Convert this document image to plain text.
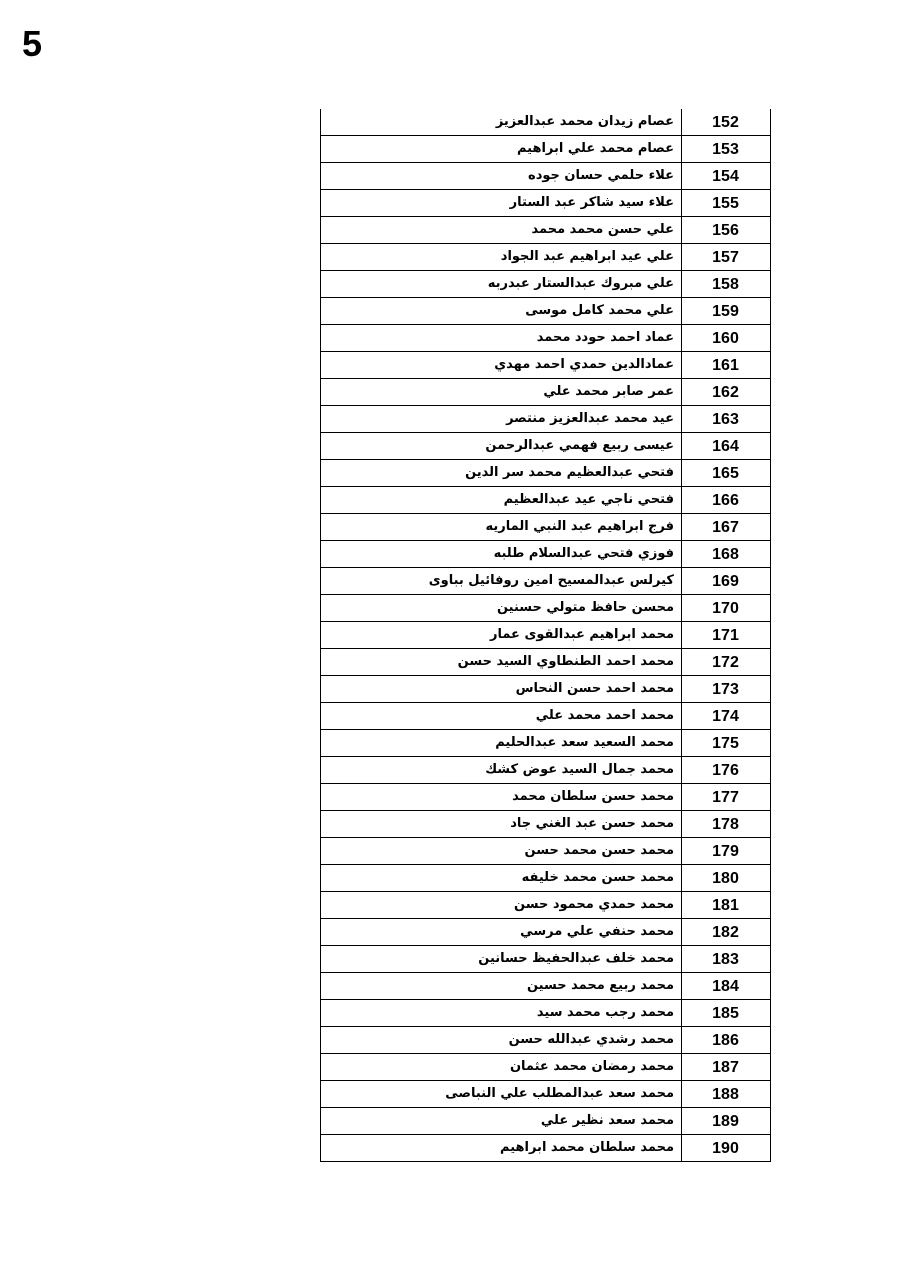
5
عصام زيدان محمد عبدالعزيز	152
عصام محمد علي ابراهيم	153
علاء حلمي حسان جوده	154
علاء سيد شاكر عبد الستار	155
علي حسن محمد محمد	156
علي عيد ابراهيم عبد الجواد	157
علي مبروك عبدالستار عبدربه	158
علي محمد كامل موسى	159
عماد احمد حودد محمد	160
عمادالدين حمدي احمد مهدي	161
عمر صابر محمد علي	162
عيد محمد عبدالعزيز منتصر	163
عيسى ربيع فهمي عبدالرحمن	164
فتحي عبدالعظيم محمد سر الدين	165
فتحي ناجي عيد عبدالعظيم	166
فرج ابراهيم عبد النبي الماريه	167
فوزي فتحي عبدالسلام طلبه	168
كيرلس عبدالمسيح امين روفائيل بباوى	169
محسن حافظ متولي حسنين	170
محمد ابراهيم عبدالقوى عمار	171
محمد احمد الطنطاوي السيد حسن	172
محمد احمد حسن النحاس	173
محمد احمد محمد علي	174
محمد السعيد سعد عبدالحليم	175
محمد جمال السيد عوض كشك	176
محمد حسن سلطان محمد	177
محمد حسن عبد الغني جاد	178
محمد حسن محمد حسن	179
محمد حسن محمد خليفه	180
محمد حمدي محمود حسن	181
محمد حنفي علي مرسي	182
محمد خلف عبدالحفيظ حسانين	183
محمد ربيع محمد حسين	184
محمد رجب محمد سيد	185
محمد رشدي عبدالله حسن	186
محمد رمضان محمد عثمان	187
محمد سعد عبدالمطلب علي النباصى	188
محمد سعد نظير علي	189
محمد سلطان محمد ابراهيم	190
